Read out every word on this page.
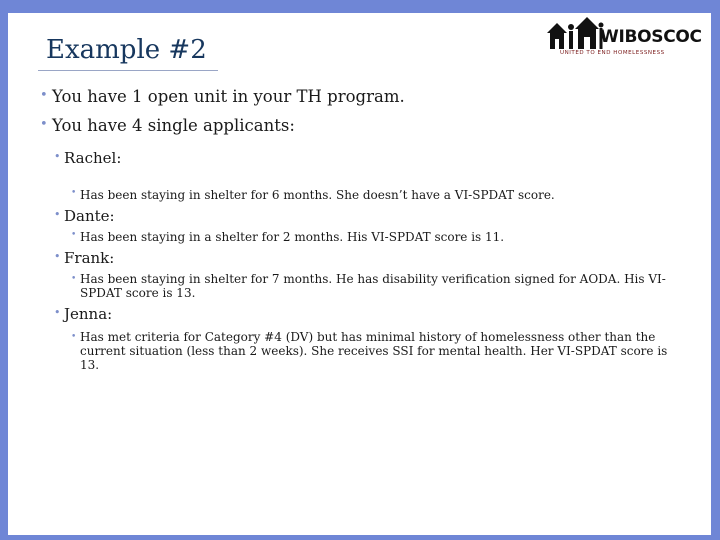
Example #2	WIBOSCOC
UNITED TO END HOMELESSNESS
• You have 1 open unit in your TH program.
• You have 4 single applicants:
• Rachel:
• Has been staying in shelter for 6 months. She doesn’t have a VI-SPDAT score.
• Dante:
• Has been staying in a shelter for 2 months. His VI-SPDAT score is 11.
• Frank:
• Has been staying in shelter for 7 months. He has disability verification signed for AODA. His VI-SPDAT score is 13.
• Jenna:
• Has met criteria for Category #4 (DV) but has minimal history of homelessness other than the current situation (less than 2 weeks). She receives SSI for mental health. Her VI-SPDAT score is 13.
